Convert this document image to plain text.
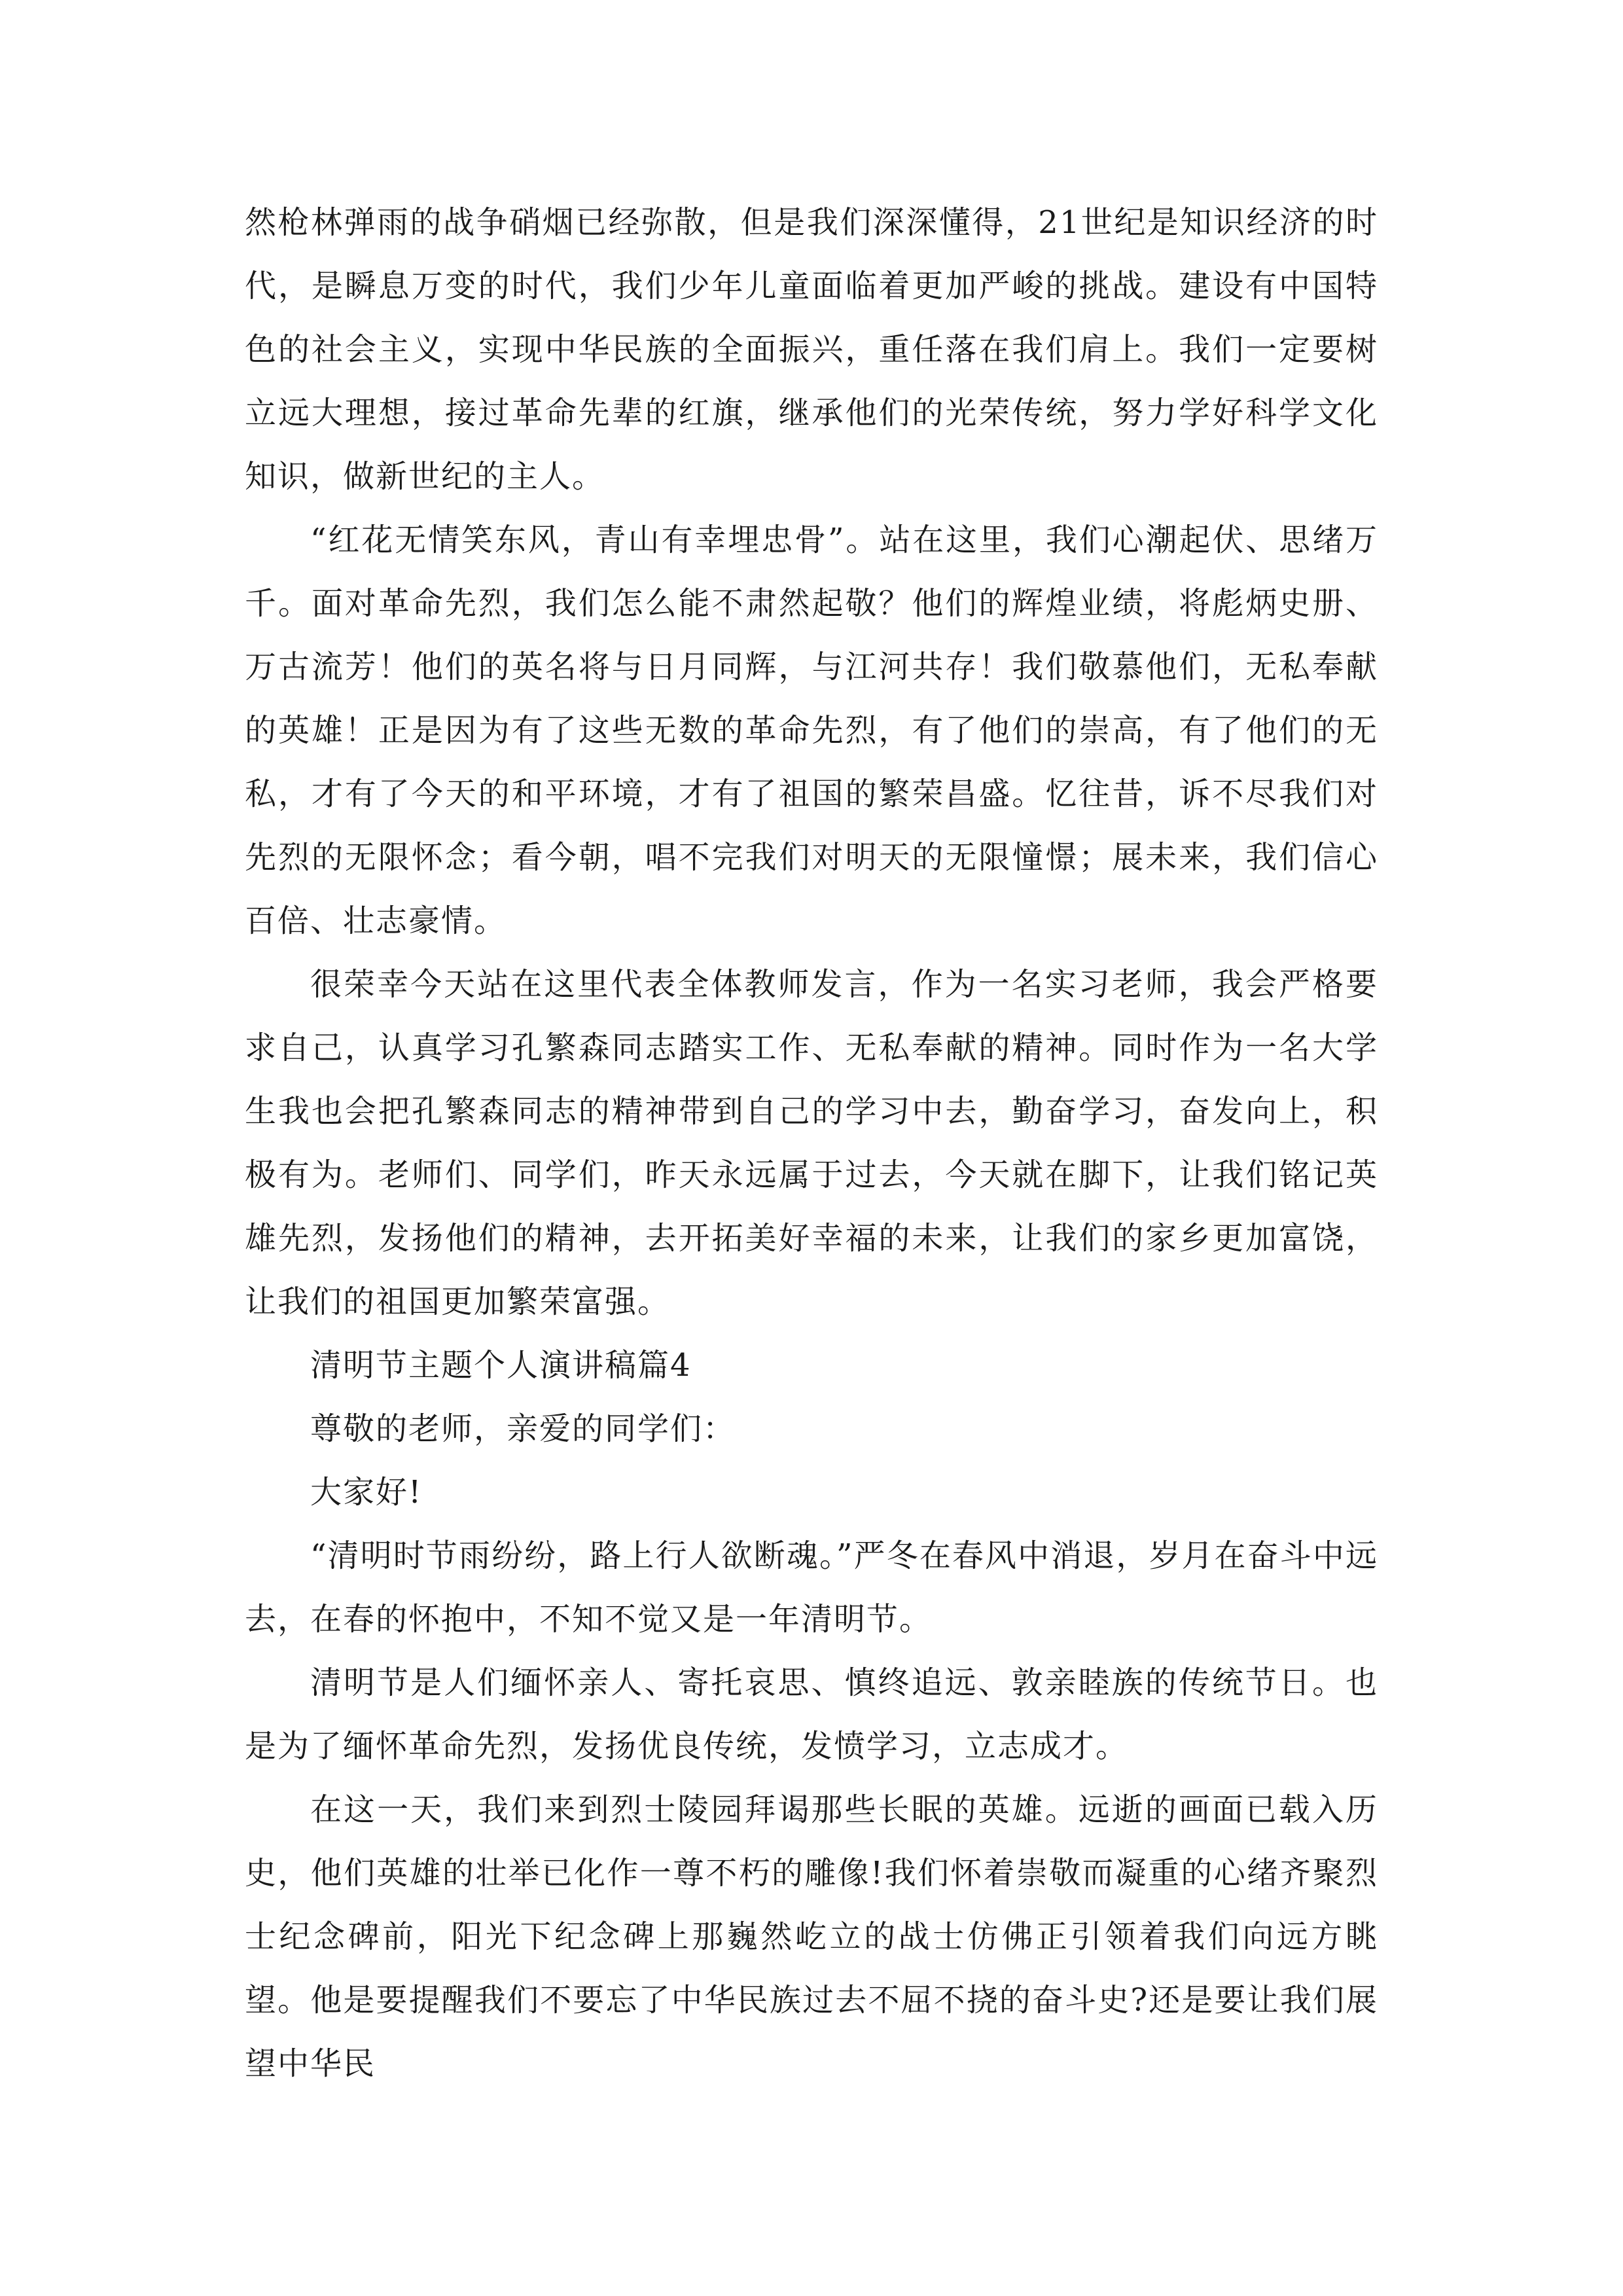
然枪林弹雨的战争硝烟已经弥散，但是我们深深懂得，21世纪是知识经济的时代，是瞬息万变的时代，我们少年儿童面临着更加严峻的挑战。建设有中国特色的社会主义，实现中华民族的全面振兴，重任落在我们肩上。我们一定要树立远大理想，接过革命先辈的红旗，继承他们的光荣传统，努力学好科学文化知识，做新世纪的主人。

“红花无情笑东风，青山有幸埋忠骨”。站在这里，我们心潮起伏、思绪万千。面对革命先烈，我们怎么能不肃然起敬？他们的辉煌业绩，将彪炳史册、万古流芳！他们的英名将与日月同辉，与江河共存！我们敬慕他们，无私奉献的英雄！正是因为有了这些无数的革命先烈，有了他们的崇高，有了他们的无私，才有了今天的和平环境，才有了祖国的繁荣昌盛。忆往昔，诉不尽我们对先烈的无限怀念；看今朝，唱不完我们对明天的无限憧憬；展未来，我们信心百倍、壮志豪情。

很荣幸今天站在这里代表全体教师发言，作为一名实习老师，我会严格要求自己，认真学习孔繁森同志踏实工作、无私奉献的精神。同时作为一名大学生我也会把孔繁森同志的精神带到自己的学习中去，勤奋学习，奋发向上，积极有为。老师们、同学们，昨天永远属于过去，今天就在脚下，让我们铭记英雄先烈，发扬他们的精神，去开拓美好幸福的未来，让我们的家乡更加富饶，让我们的祖国更加繁荣富强。

清明节主题个人演讲稿篇4

尊敬的老师，亲爱的同学们：

大家好!

“清明时节雨纷纷，路上行人欲断魂。”严冬在春风中消退，岁月在奋斗中远去，在春的怀抱中，不知不觉又是一年清明节。

清明节是人们缅怀亲人、寄托哀思、慎终追远、敦亲睦族的传统节日。也是为了缅怀革命先烈，发扬优良传统，发愤学习，立志成才。

在这一天，我们来到烈士陵园拜谒那些长眠的英雄。远逝的画面已载入历史，他们英雄的壮举已化作一尊不朽的雕像!我们怀着崇敬而凝重的心绪齐聚烈士纪念碑前，阳光下纪念碑上那巍然屹立的战士仿佛正引领着我们向远方眺望。他是要提醒我们不要忘了中华民族过去不屈不挠的奋斗史?还是要让我们展望中华民
